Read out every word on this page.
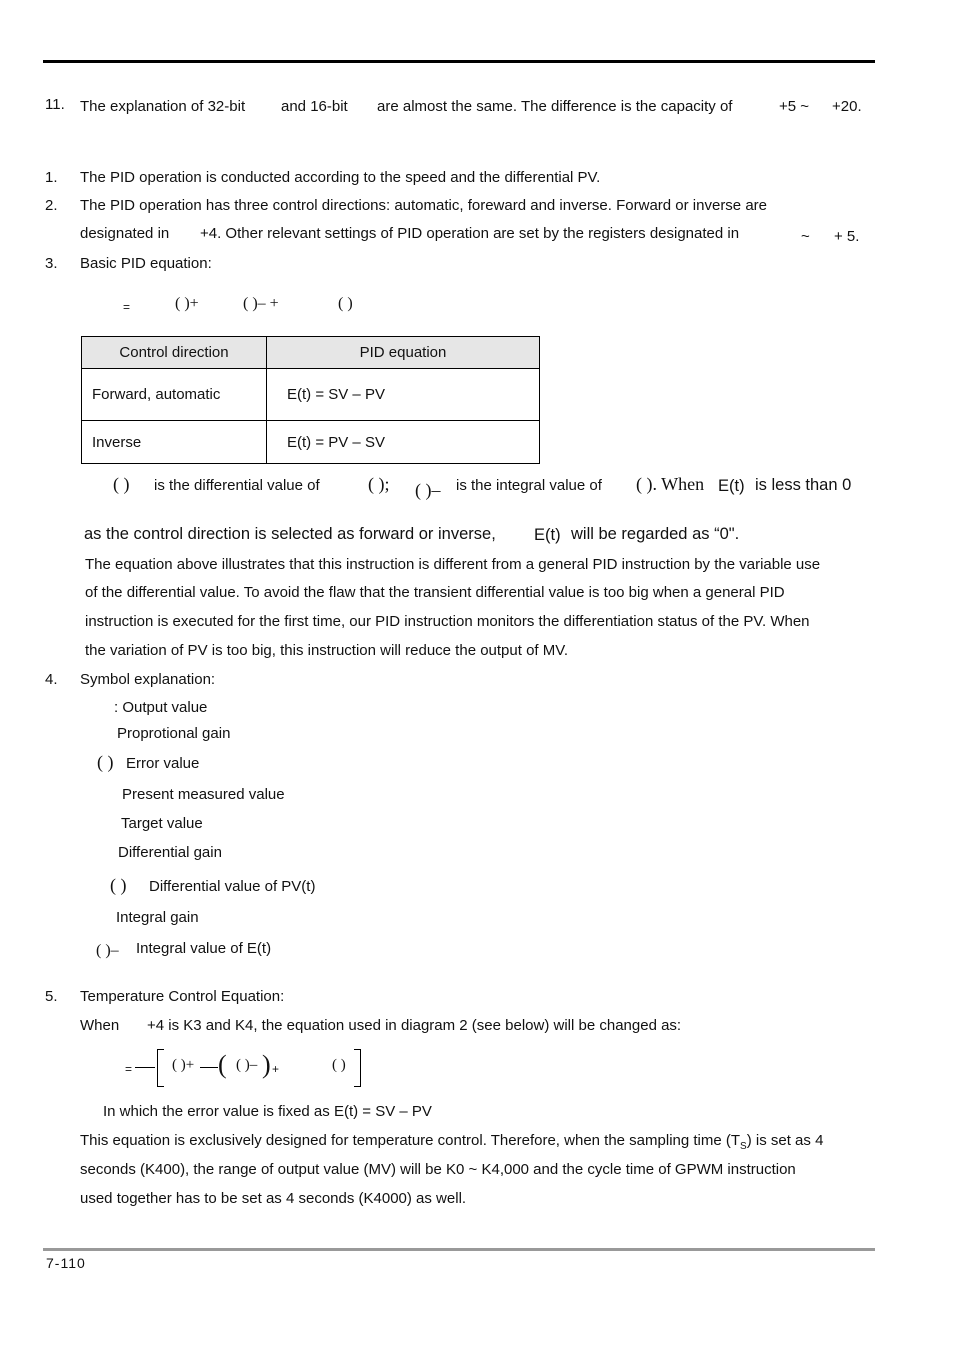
11. The explanation of 32-bit and 16-bit are almost the same. The difference is the capacity of	+5 ~ +20.
1. The PID operation is conducted according to the speed and the differential PV.
2. The PID operation has three control directions: automatic, foreward and inverse. Forward or inverse are
designated in +4. Other relevant settings of PID operation are set by the registers designated in	~ + 5.
3. Basic PID equation:
=	( )+	( )– +	( )
Control direction	PID equation
Forward, automatic	E(t) = SV – PV
Inverse	E(t) = PV – SV
( ) is the differential value of	( ); ( )– is the integral value of ( ). When E(t) is less than 0
as the control direction is selected as forward or inverse, E(t) will be regarded as “0".
The equation above illustrates that this instruction is different from a general PID instruction by the variable use
of the differential value. To avoid the flaw that the transient differential value is too big when a general PID
instruction is executed for the first time, our PID instruction monitors the differentiation status of the PV. When
the variation of PV is too big, this instruction will reduce the output of MV.
4. Symbol explanation:
: Output value
Proprotional gain
( ) Error value
Present measured value
Target value
Differential gain
( ) Differential value of PV(t)
Integral gain
( )– Integral value of E(t)
5. Temperature Control Equation:
When +4 is K3 and K4, the equation used in diagram 2 (see below) will be changed as:
=	( )+ ( ( )– ) +	( )
In which the error value is fixed as E(t) = SV – PV
This equation is exclusively designed for temperature control. Therefore, when the sampling time $(T_S)$ is set as 4
seconds (K400), the range of output value (MV) will be K0 ~ K4,000 and the cycle time of GPWM instruction
used together has to be set as 4 seconds (K4000) as well.
7-110
